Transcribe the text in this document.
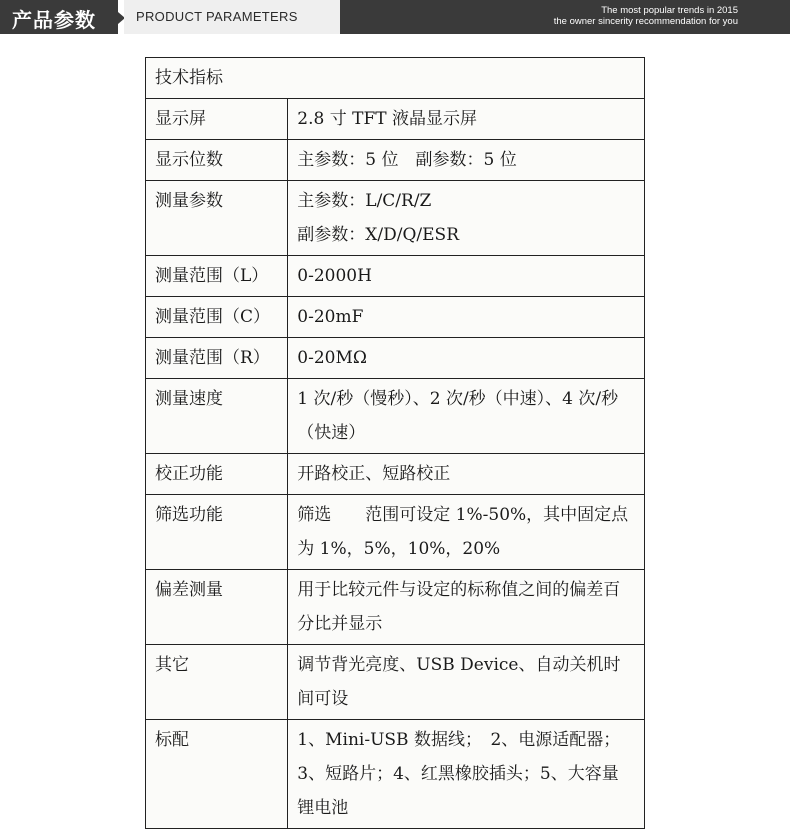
产品参数	PRODUCT PARAMETERS	The most popular trends in 2015
the owner sincerity recommendation for you
技术指标	
显示屏	2.8 寸 TFT 液晶显示屏
显示位数	主参数：5 位　副参数：5 位
测量参数	主参数：L/C/R/Z
副参数：X/D/Q/ESR
测量范围（L）	0-2000H
测量范围（C）	0-20mF
测量范围（R）	0-20MΩ
测量速度	1 次/秒（慢秒）、2 次/秒（中速）、4 次/秒（快速）
校正功能	开路校正、短路校正
筛选功能	筛选　　范围可设定 1%-50%，其中固定点为 1%，5%，10%，20%
偏差测量	用于比较元件与设定的标称值之间的偏差百分比并显示
其它	调节背光亮度、USB Device、自动关机时间可设
标配	1、Mini-USB 数据线；　2、电源适配器；3、短路片；4、红黑橡胶插头；5、大容量锂电池
